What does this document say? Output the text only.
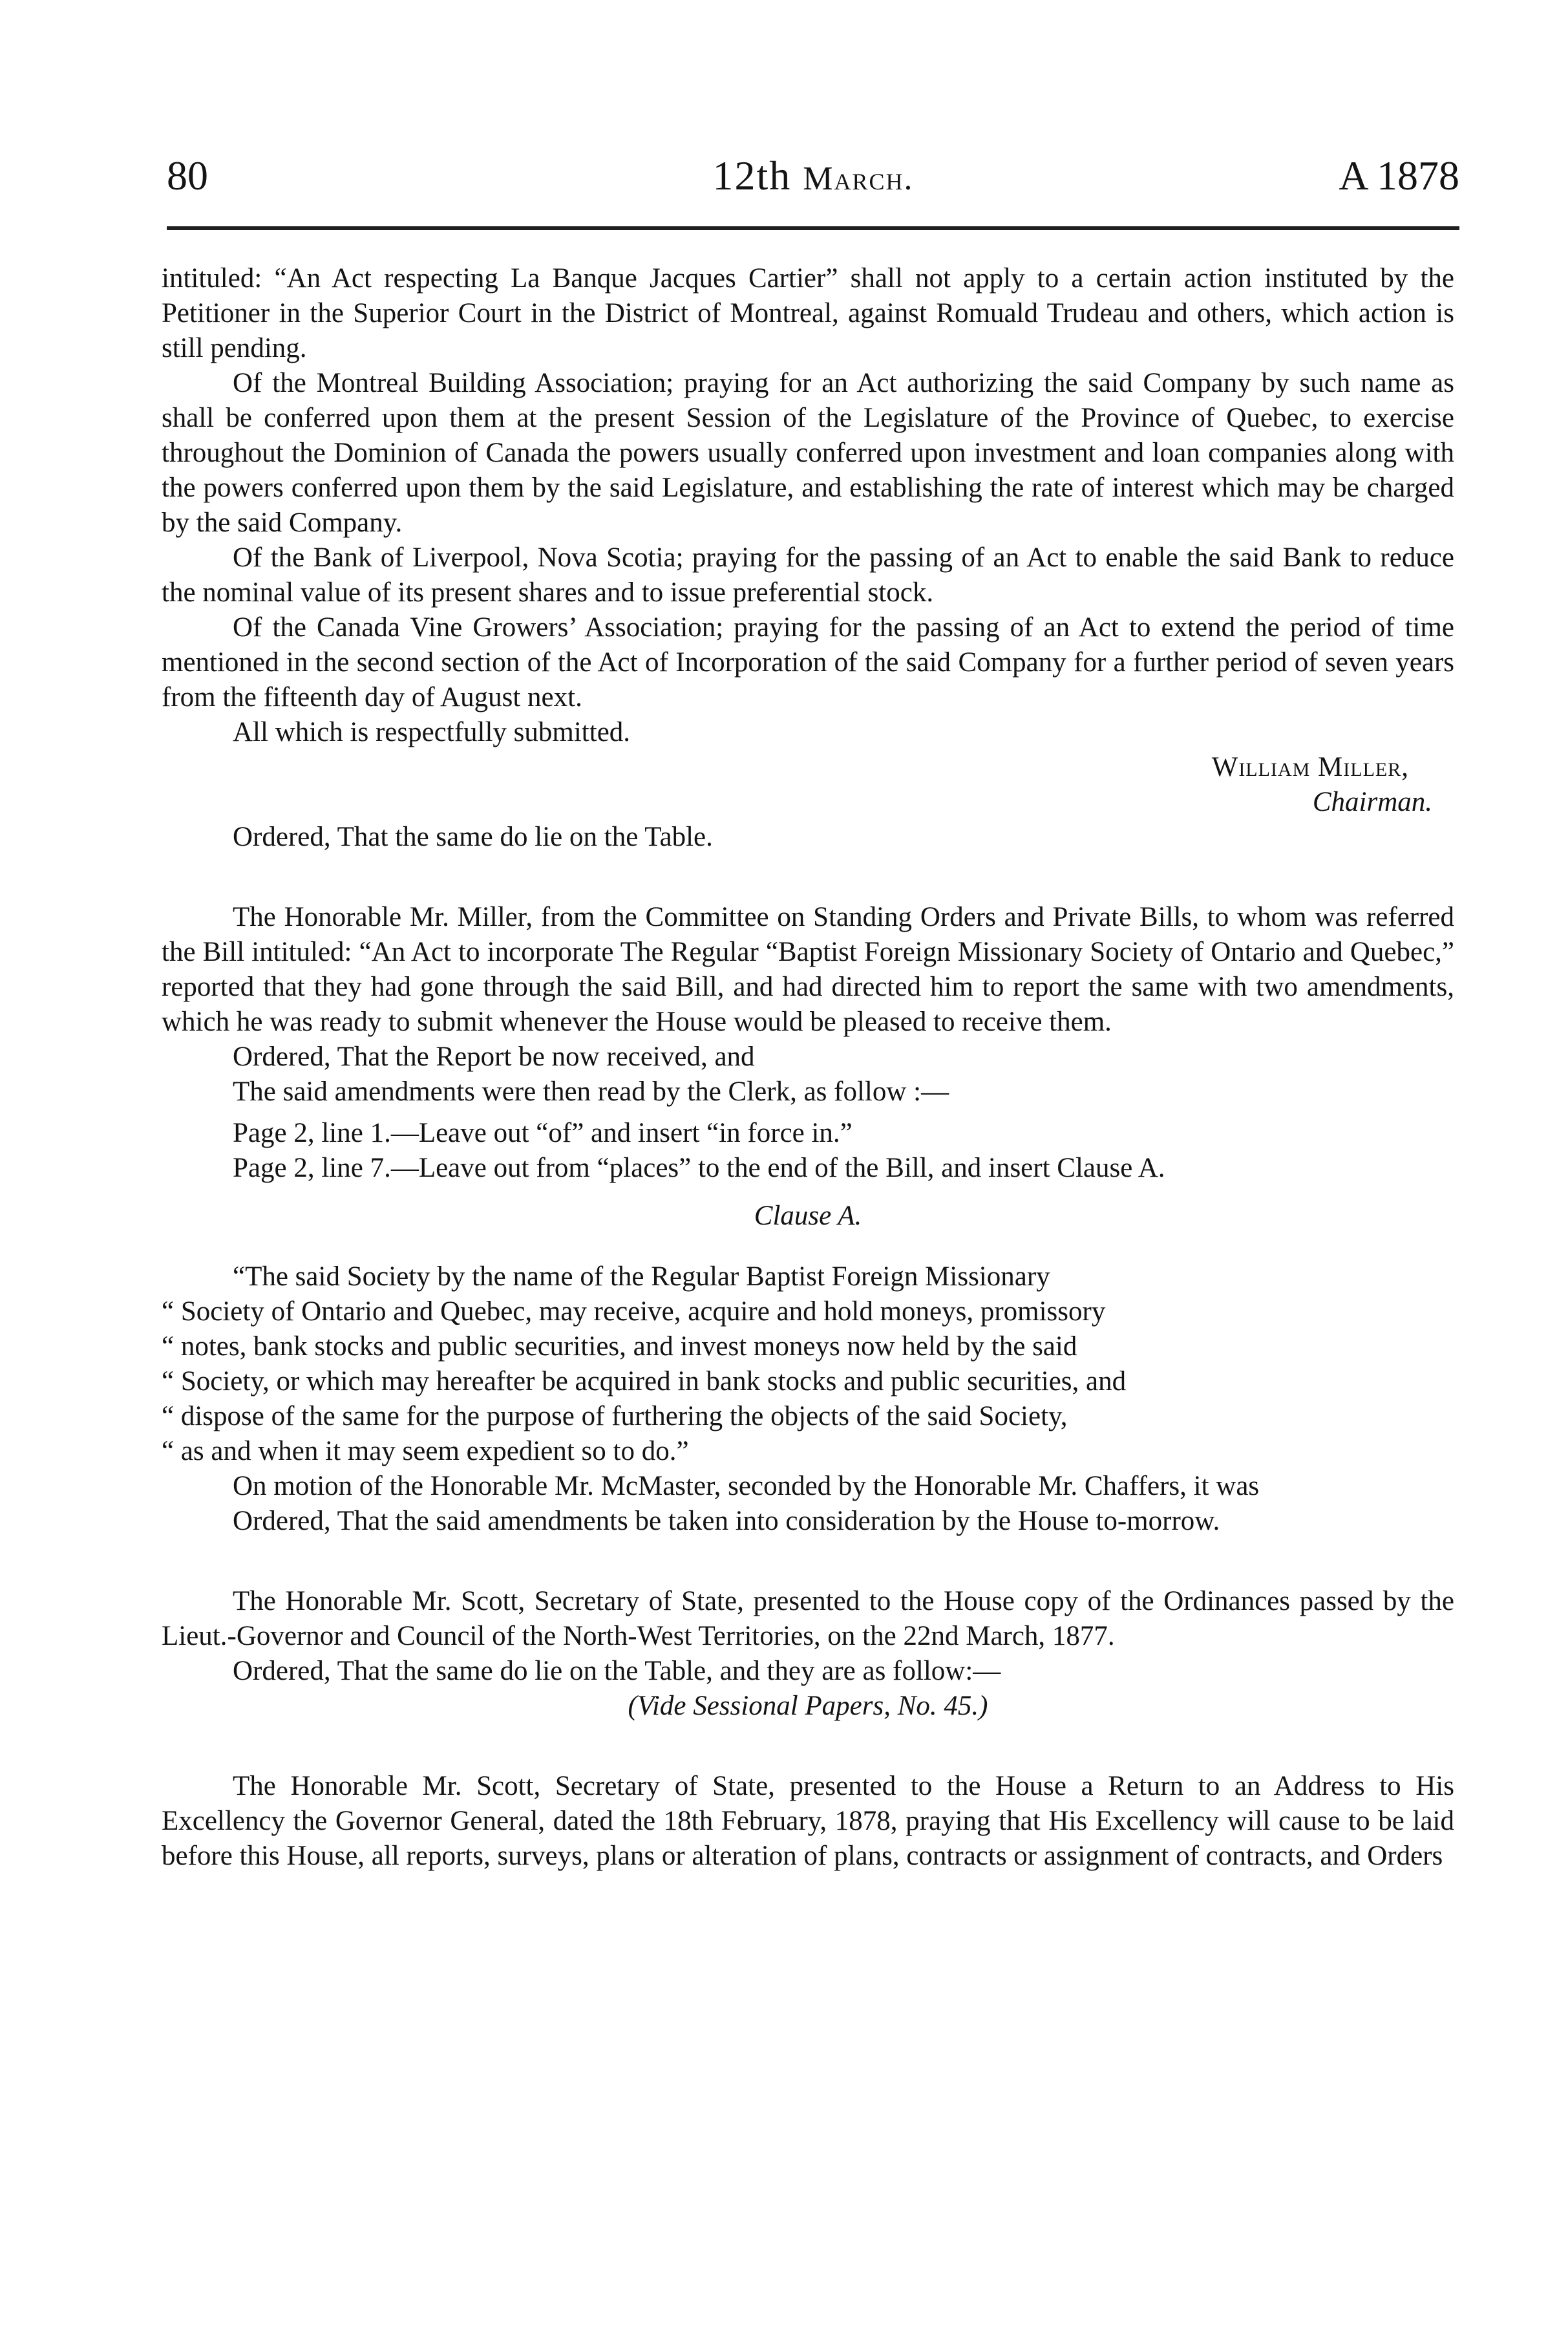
80	12th March.	A 1878

intituled: “An Act respecting La Banque Jacques Cartier” shall not apply to a certain action instituted by the Petitioner in the Superior Court in the District of Montreal, against Romuald Trudeau and others, which action is still pending.

Of the Montreal Building Association; praying for an Act authorizing the said Company by such name as shall be conferred upon them at the present Session of the Legislature of the Province of Quebec, to exercise throughout the Dominion of Canada the powers usually conferred upon investment and loan companies along with the powers conferred upon them by the said Legislature, and establishing the rate of interest which may be charged by the said Company.

Of the Bank of Liverpool, Nova Scotia; praying for the passing of an Act to enable the said Bank to reduce the nominal value of its present shares and to issue preferential stock.

Of the Canada Vine Growers’ Association; praying for the passing of an Act to extend the period of time mentioned in the second section of the Act of Incorporation of the said Company for a further period of seven years from the fifteenth day of August next.

All which is respectfully submitted.

William Miller,

Chairman.

Ordered, That the same do lie on the Table.

The Honorable Mr. Miller, from the Committee on Standing Orders and Private Bills, to whom was referred the Bill intituled: “An Act to incorporate The Regular “Baptist Foreign Missionary Society of Ontario and Quebec,” reported that they had gone through the said Bill, and had directed him to report the same with two amendments, which he was ready to submit whenever the House would be pleased to receive them.

Ordered, That the Report be now received, and

The said amendments were then read by the Clerk, as follow :—

Page 2, line 1.—Leave out “of” and insert “in force in.”

Page 2, line 7.—Leave out from “places” to the end of the Bill, and insert Clause A.

Clause A.

“The said Society by the name of the Regular Baptist Foreign Missionary

“ Society of Ontario and Quebec, may receive, acquire and hold moneys, promissory

“ notes, bank stocks and public securities, and invest moneys now held by the said

“ Society, or which may hereafter be acquired in bank stocks and public securities, and

“ dispose of the same for the purpose of furthering the objects of the said Society,

“ as and when it may seem expedient so to do.”

On motion of the Honorable Mr. McMaster, seconded by the Honorable Mr. Chaffers, it was

Ordered, That the said amendments be taken into consideration by the House to-morrow.

The Honorable Mr. Scott, Secretary of State, presented to the House copy of the Ordinances passed by the Lieut.-Governor and Council of the North-West Territories, on the 22nd March, 1877.

Ordered, That the same do lie on the Table, and they are as follow:—

(Vide Sessional Papers, No. 45.)

The Honorable Mr. Scott, Secretary of State, presented to the House a Return to an Address to His Excellency the Governor General, dated the 18th February, 1878, praying that His Excellency will cause to be laid before this House, all reports, surveys, plans or alteration of plans, contracts or assignment of contracts, and Orders
